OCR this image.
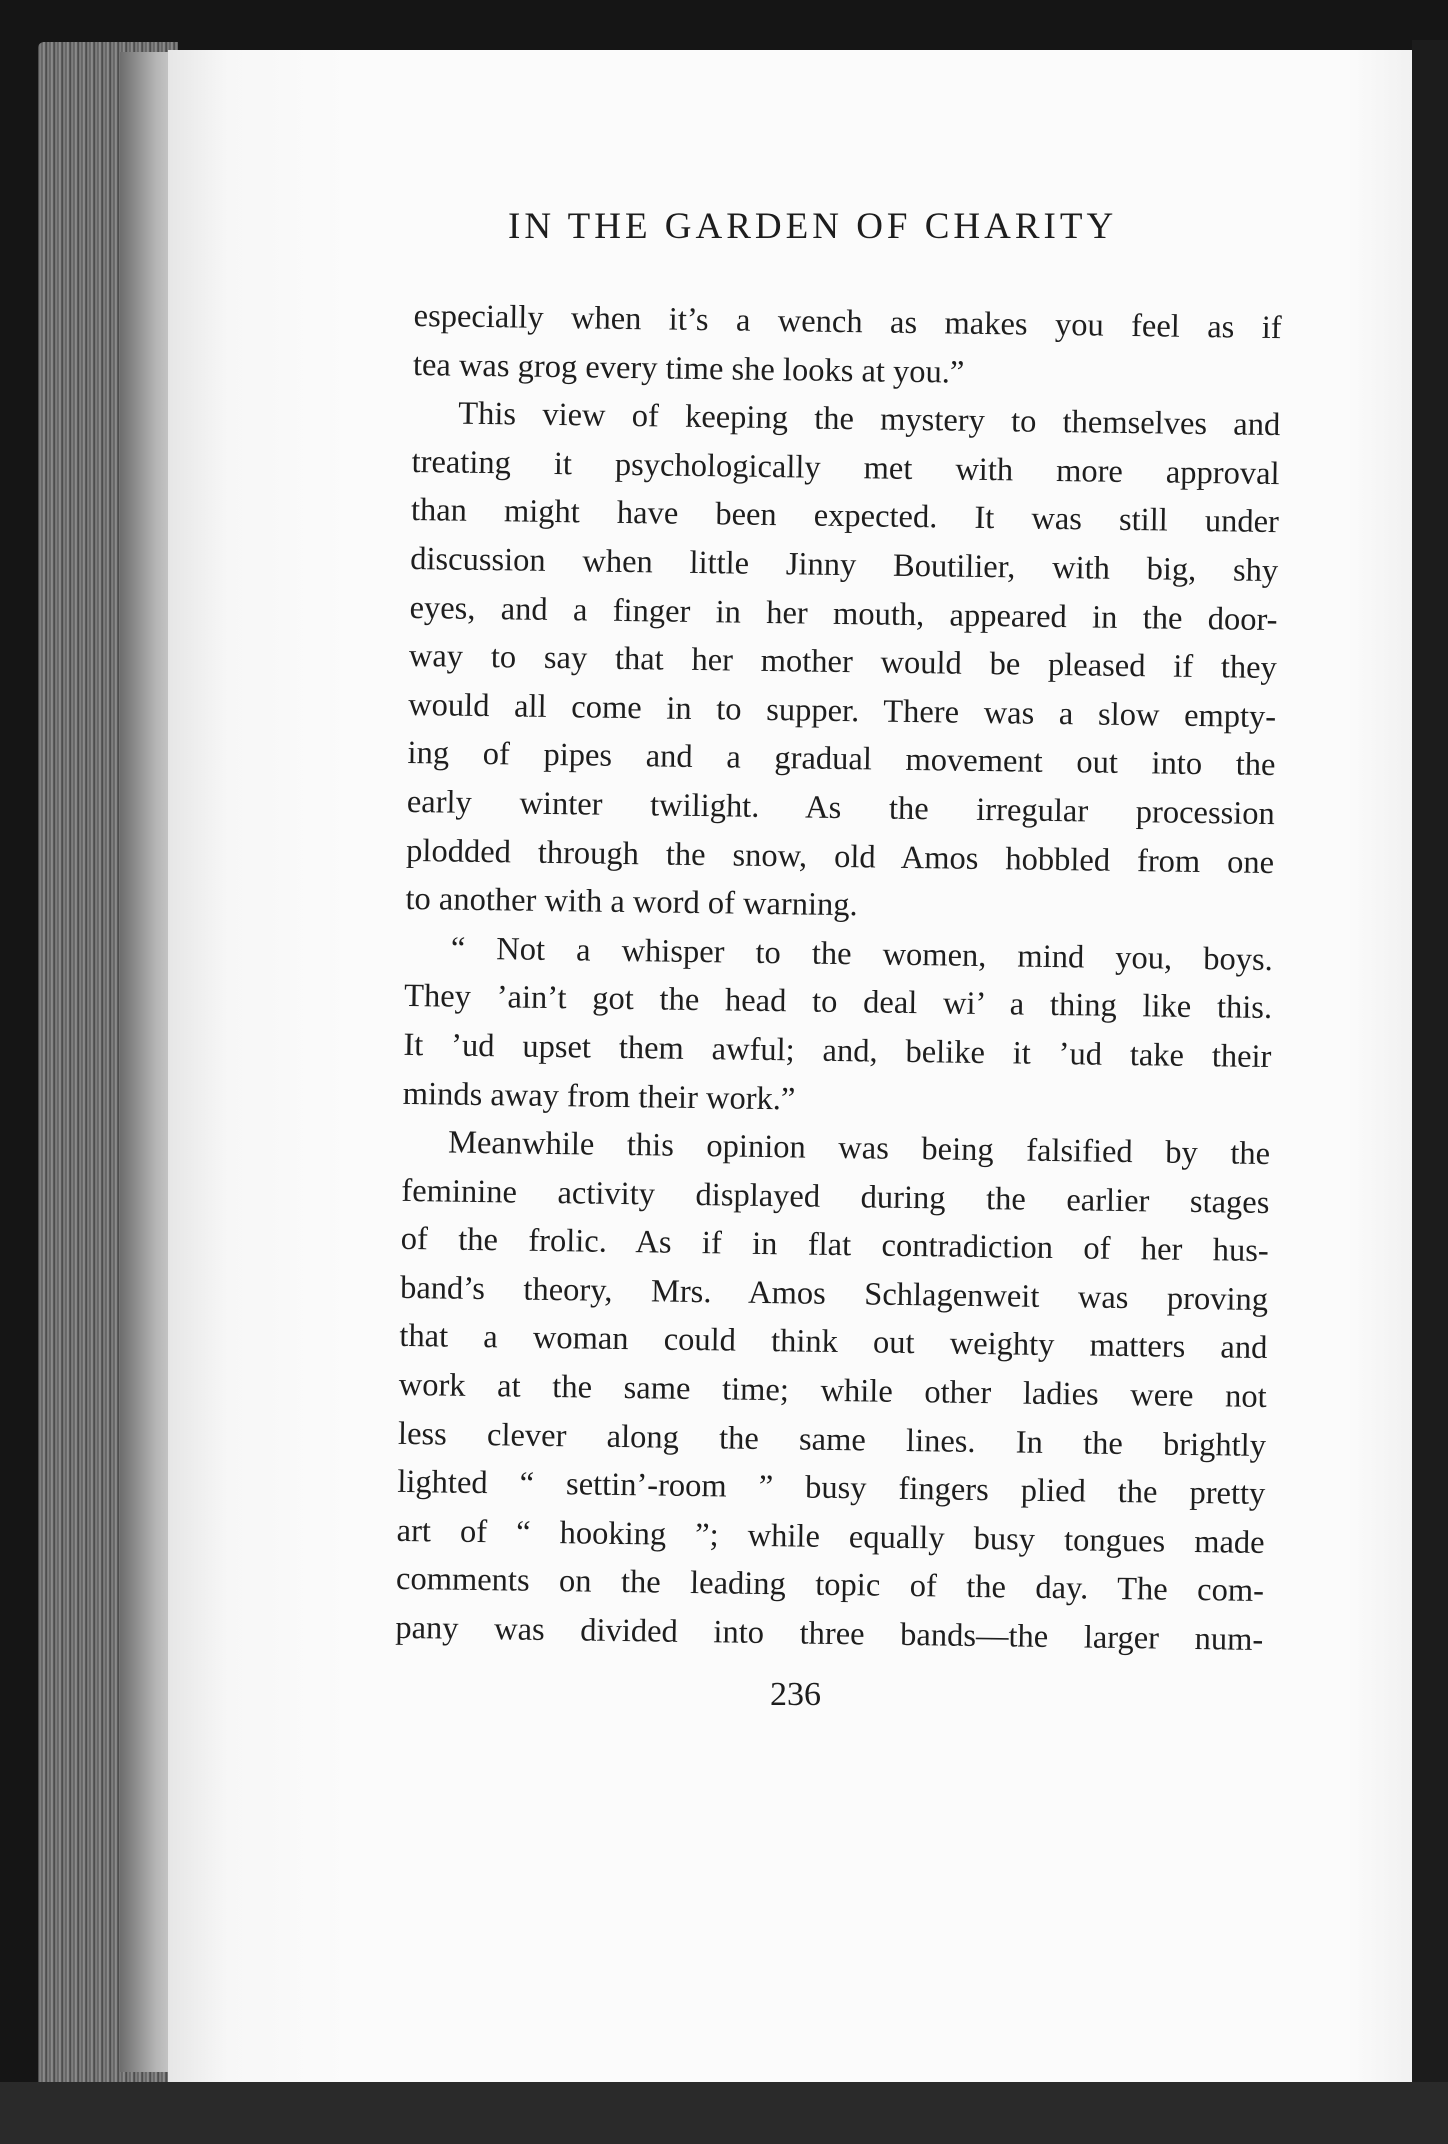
IN THE GARDEN OF CHARITY
especially when it’s a wench as makes you feel as if
tea was grog every time she looks at you.”
This view of keeping the mystery to themselves and
treating it psychologically met with more approval
than might have been expected. It was still under
discussion when little Jinny Boutilier, with big, shy
eyes, and a finger in her mouth, appeared in the door-
way to say that her mother would be pleased if they
would all come in to supper. There was a slow empty-
ing of pipes and a gradual movement out into the
early winter twilight. As the irregular procession
plodded through the snow, old Amos hobbled from one
to another with a word of warning.
“ Not a whisper to the women, mind you, boys.
They ’ain’t got the head to deal wi’ a thing like this.
It ’ud upset them awful; and, belike it ’ud take their
minds away from their work.”
Meanwhile this opinion was being falsified by the
feminine activity displayed during the earlier stages
of the frolic. As if in flat contradiction of her hus-
band’s theory, Mrs. Amos Schlagenweit was proving
that a woman could think out weighty matters and
work at the same time; while other ladies were not
less clever along the same lines. In the brightly
lighted “ settin’-room ” busy fingers plied the pretty
art of “ hooking ”; while equally busy tongues made
comments on the leading topic of the day. The com-
pany was divided into three bands—the larger num-

236
